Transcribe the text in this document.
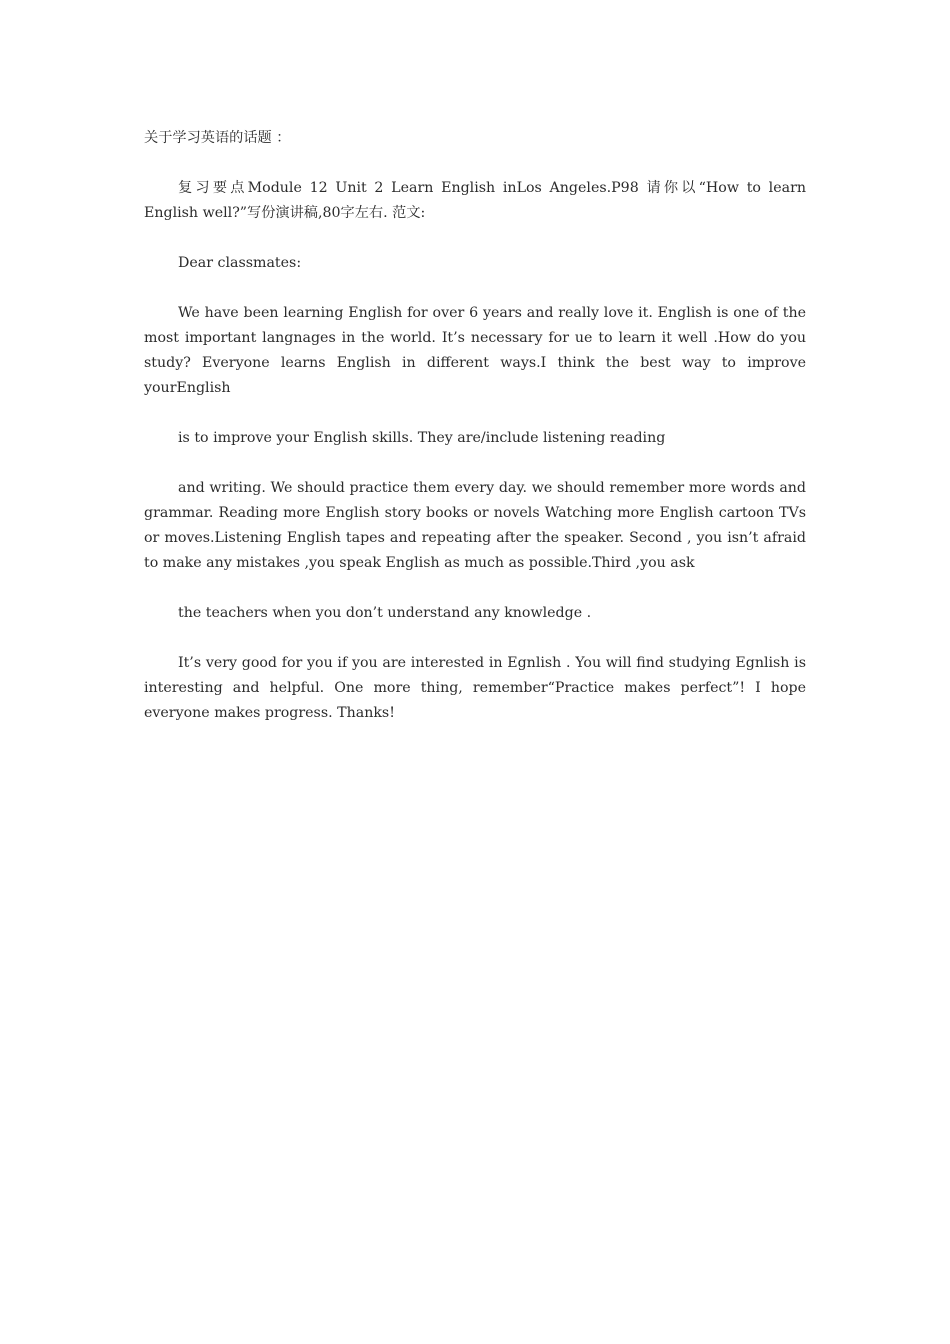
关于学习英语的话题 ：

复习要点Module 12 Unit 2 Learn English inLos Angeles.P98 请你以“How to learn English well?”写份演讲稿,80字左右. 范文:

Dear classmates:

We have been learning English for over 6 years and really love it. English is one of the most important langnages in the world. It’s necessary for ue to learn it well .How do you study? Everyone learns English in different ways.I think the best way to improve yourEnglish

is to improve your English skills. They are/include listening reading

and writing. We should practice them every day. we should remember more words and grammar. Reading more English story books or novels Watching more English cartoon TVs or moves.Listening English tapes and repeating after the speaker. Second , you isn’t afraid to make any mistakes ,you speak English as much as possible.Third ,you ask

the teachers when you don’t understand any knowledge .

It’s very good for you if you are interested in Egnlish . You will find studying Egnlish is interesting and helpful. One more thing, remember“Practice makes perfect”! I hope everyone makes progress. Thanks!
